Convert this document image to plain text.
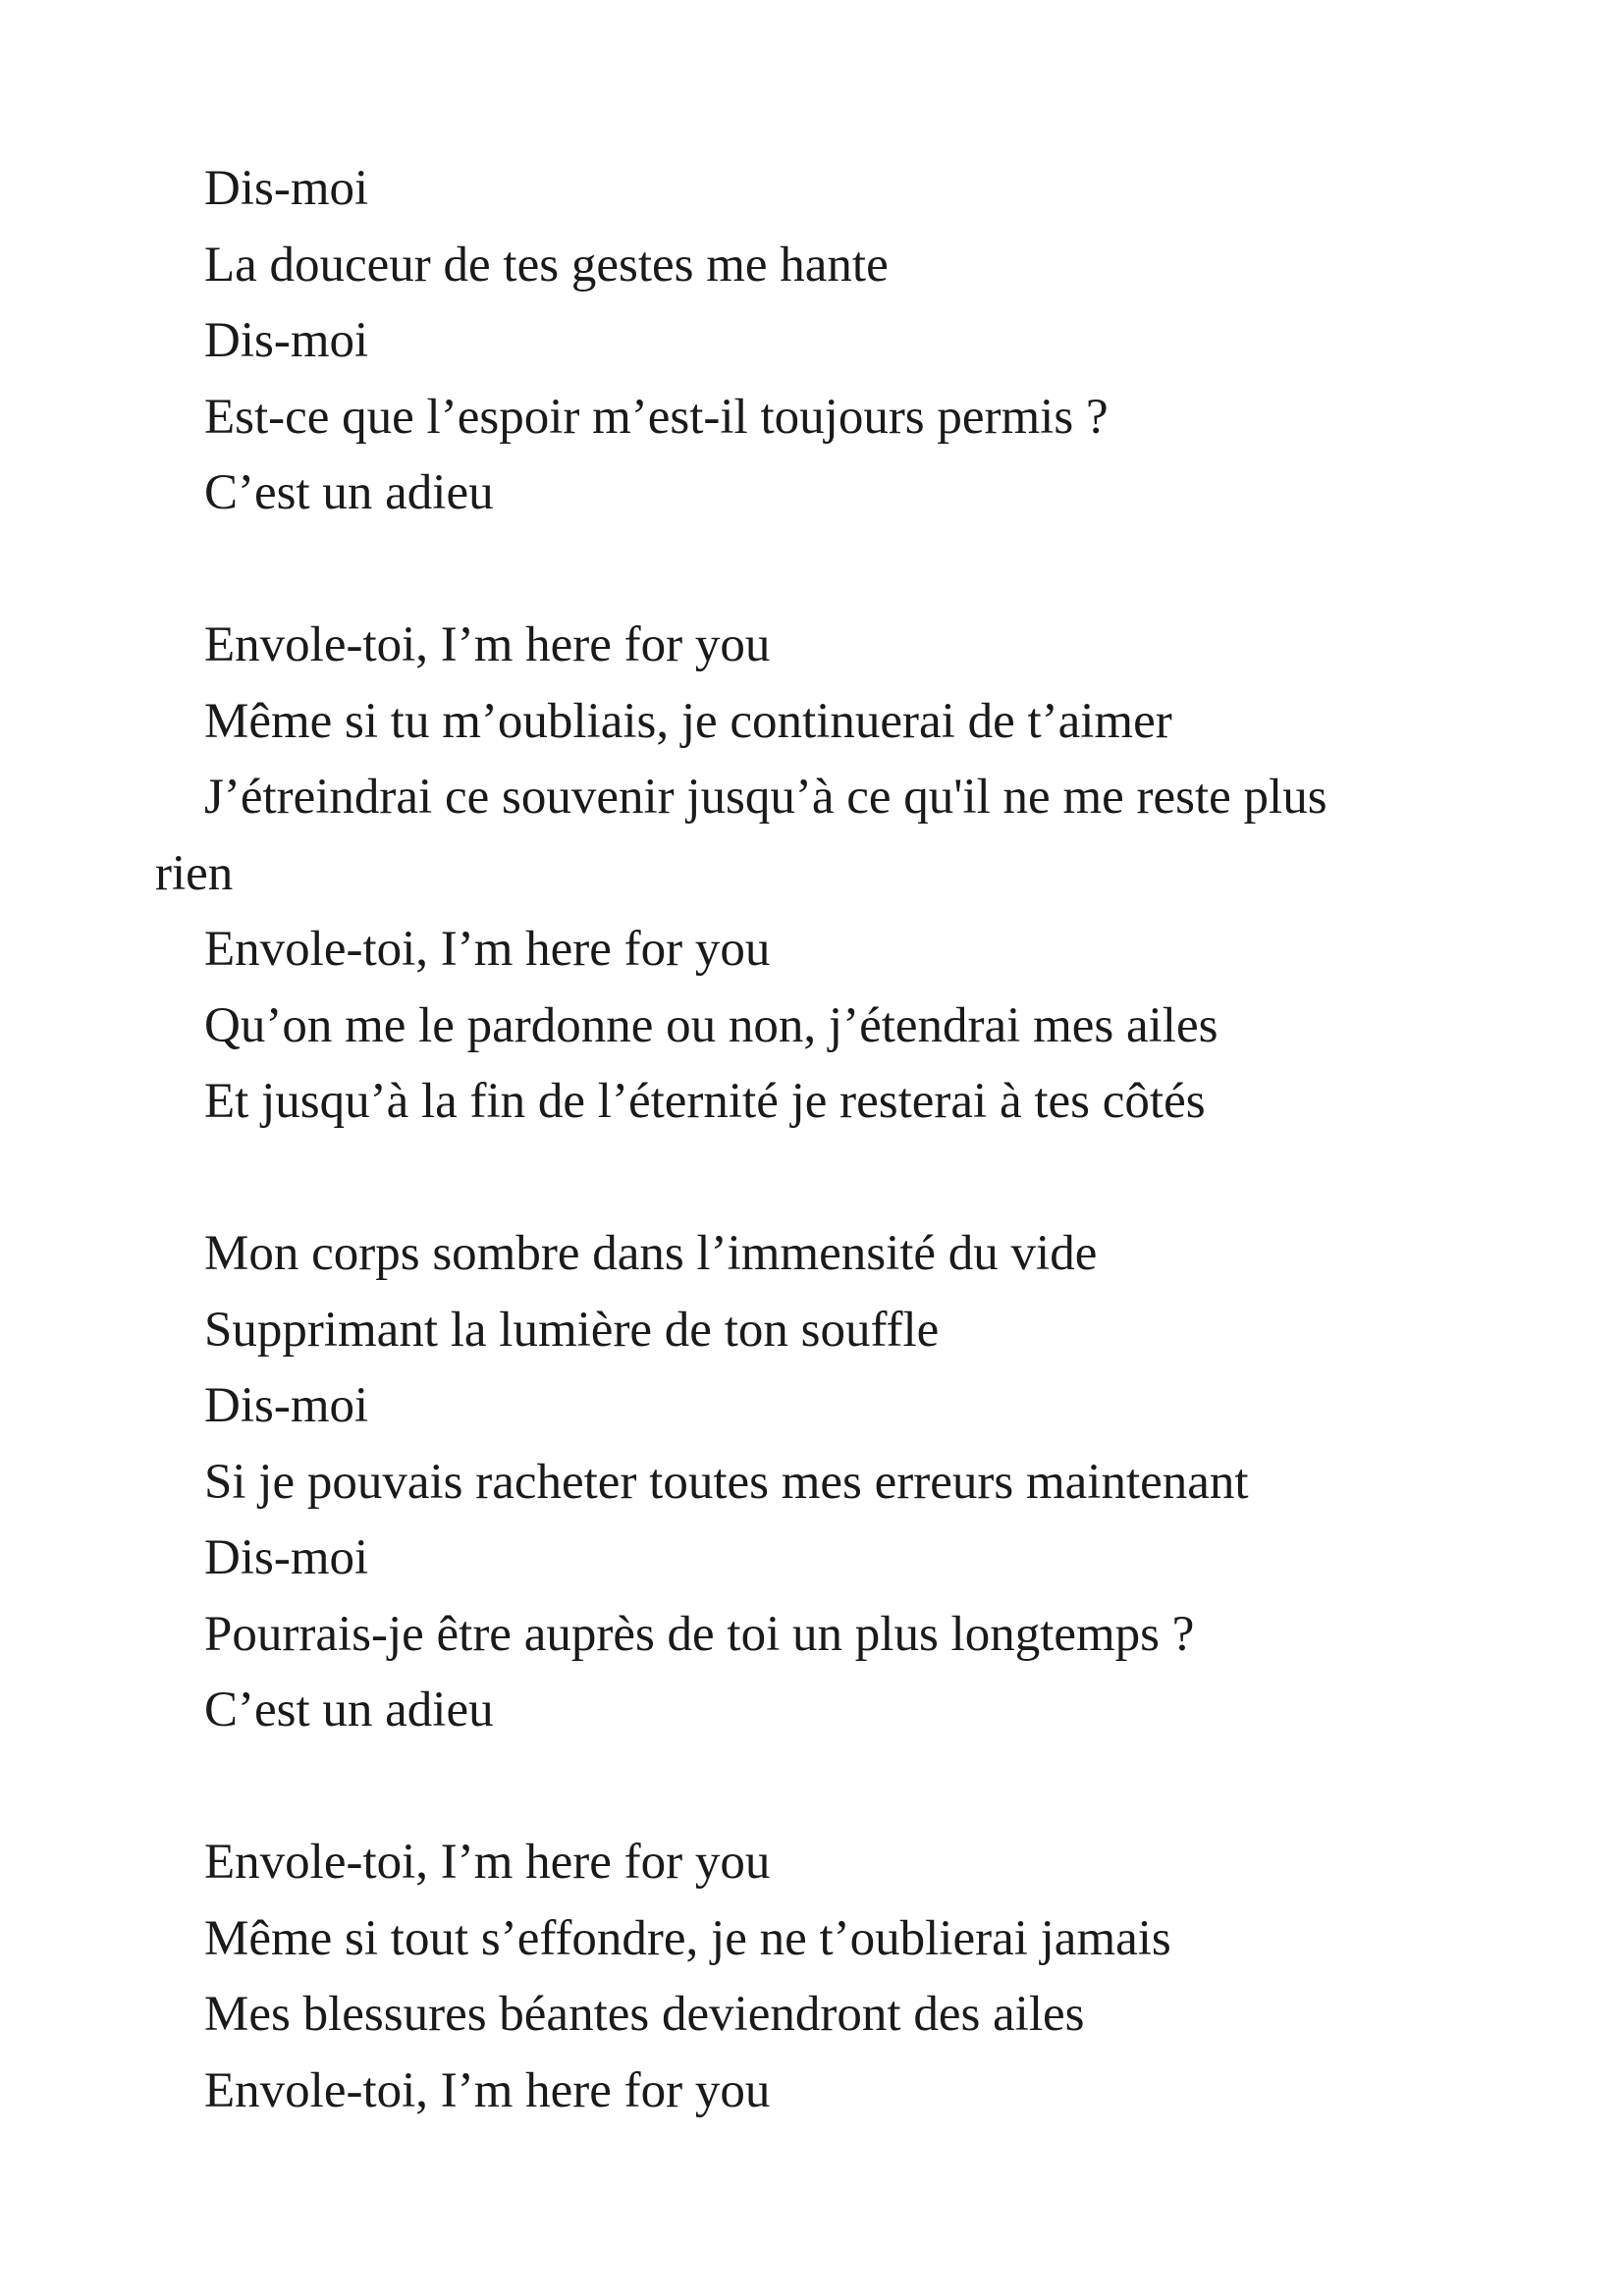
Dis-moi
La douceur de tes gestes me hante
Dis-moi
Est-ce que l’espoir m’est-il toujours permis ?
C’est un adieu
Envole-toi, I’m here for you
Même si tu m’oubliais, je continuerai de t’aimer
J’étreindrai ce souvenir jusqu’à ce qu'il ne me reste plus rien
Envole-toi, I’m here for you
Qu’on me le pardonne ou non, j’étendrai mes ailes
Et jusqu’à la fin de l’éternité je resterai à tes côtés
Mon corps sombre dans l’immensité du vide
Supprimant la lumière de ton souffle
Dis-moi
Si je pouvais racheter toutes mes erreurs maintenant
Dis-moi
Pourrais-je être auprès de toi un plus longtemps ?
C’est un adieu
Envole-toi, I’m here for you
Même si tout s’effondre, je ne t’oublierai jamais
Mes blessures béantes deviendront des ailes
Envole-toi, I’m here for you
